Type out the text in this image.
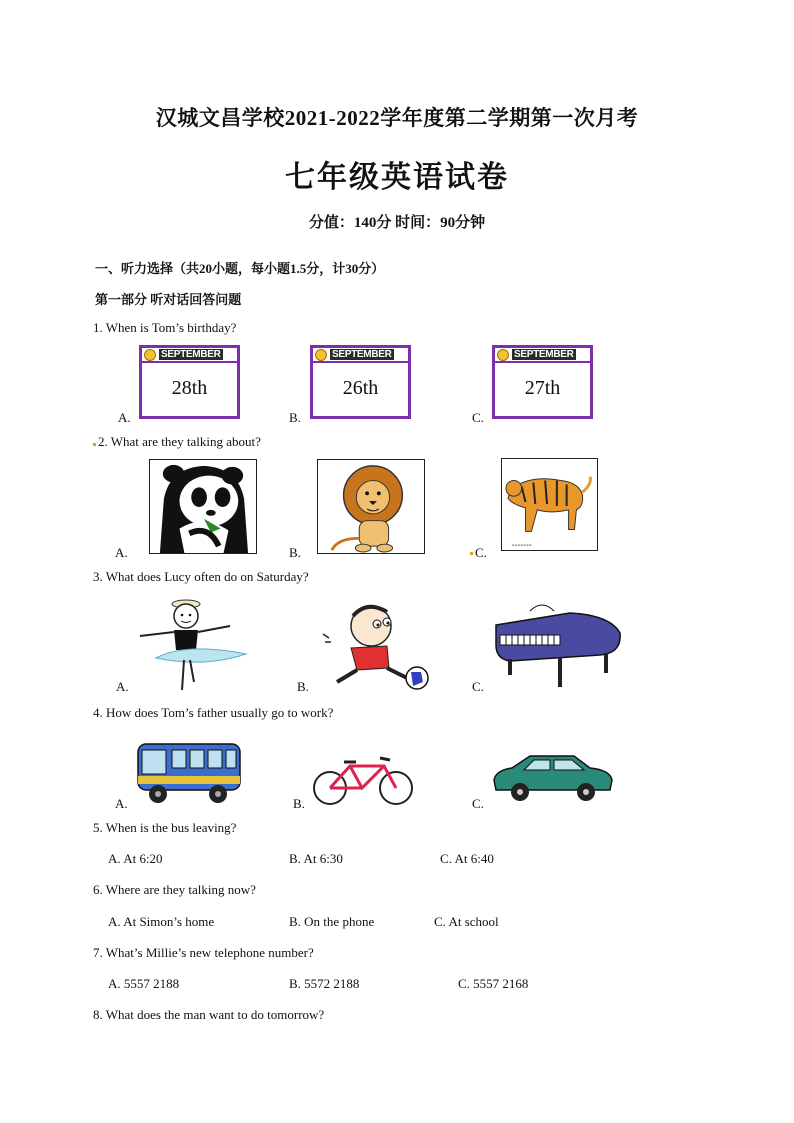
汉城文昌学校2021-2022学年度第二学期第一次月考
七年级英语试卷
分值：140分 时间：90分钟
一、听力选择（共20小题，每小题1.5分，计30分）
第一部分 听对话回答问题
1. When is Tom’s birthday?
A.	B.	C.
SEPTEMBER
28th
SEPTEMBER
26th
SEPTEMBER
27th
2. What are they talking about?
A.	B.	C.
3. What does Lucy often do on Saturday?
A.	B.	C.
4. How does Tom’s father usually go to work?
A.	B.	C.
5. When is the bus leaving?
A. At 6:20	B. At 6:30	C. At 6:40
6. Where are they talking now?
A. At Simon’s home	B. On the phone	C. At school
7. What’s Millie’s new telephone number?
A. 5557 2188	B. 5572 2188	C. 5557 2168
8. What does the man want to do tomorrow?
